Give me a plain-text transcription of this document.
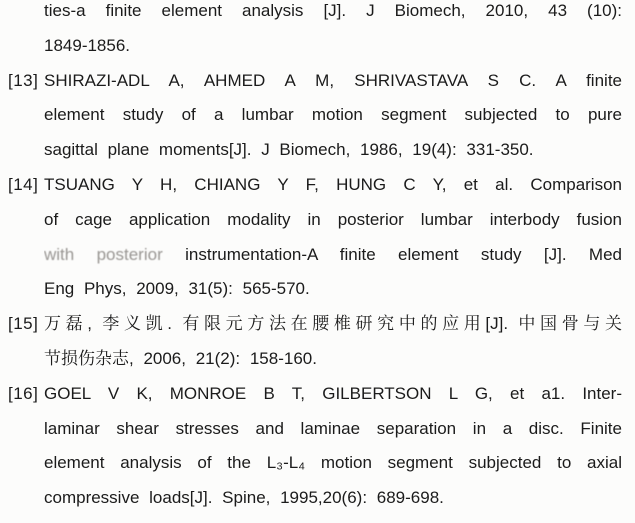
ties-a finite element analysis [J]. J Biomech, 2010, 43 (10):
1849-1856.
[13] SHIRAZI-ADL A, AHMED A M, SHRIVASTAVA S C. A finite
element study of a lumbar motion segment subjected to pure
sagittal plane moments[J]. J Biomech, 1986, 19(4): 331-350.
[14] TSUANG Y H, CHIANG Y F, HUNG C Y, et al. Comparison
of cage application modality in posterior lumbar interbody fusion
with posterior instrumentation-A finite element study [J]. Med
Eng Phys, 2009, 31(5): 565-570.
[15] 万磊, 李义凯. 有限元方法在腰椎研究中的应用[J]. 中国骨与关
节损伤杂志, 2006, 21(2): 158-160.
[16] GOEL V K, MONROE B T, GILBERTSON L G, et a1. Inter-
laminar shear stresses and laminae separation in a disc. Finite
element analysis of the L₃-L₄ motion segment subjected to axial
compressive loads[J]. Spine, 1995,20(6): 689-698.
